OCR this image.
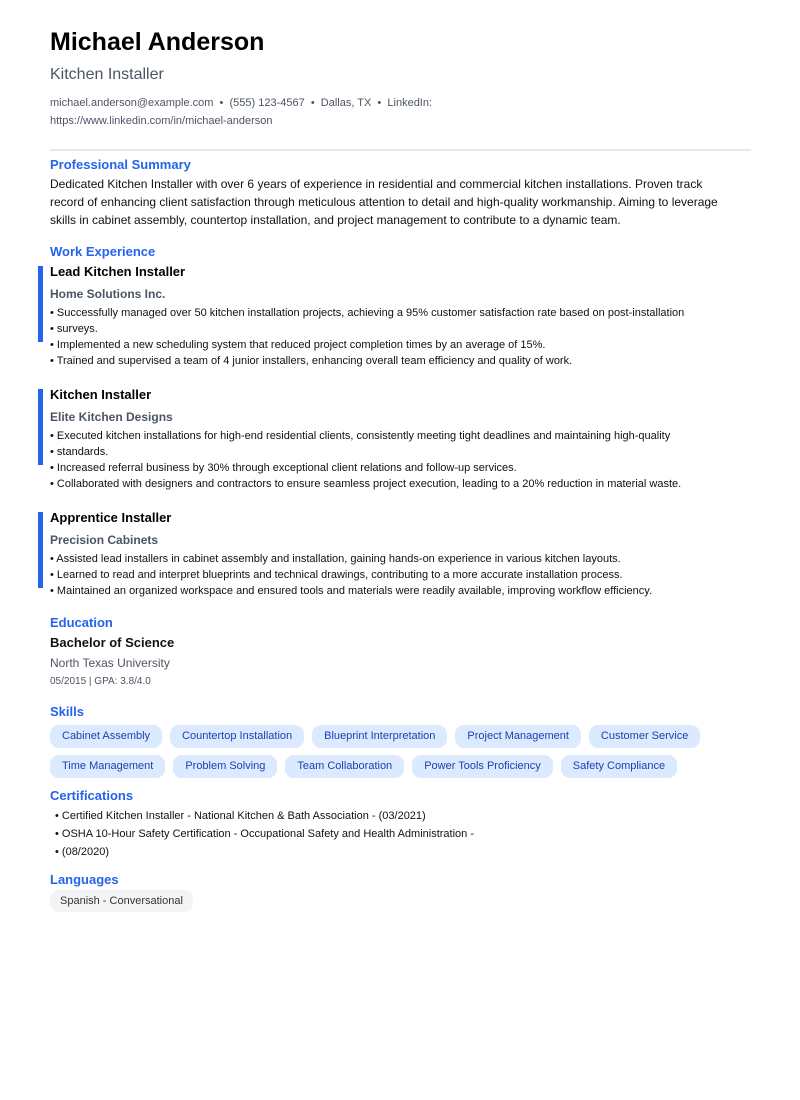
Michael Anderson
Kitchen Installer
michael.anderson@example.com  •  (555) 123-4567  •  Dallas, TX  •  LinkedIn:
https://www.linkedin.com/in/michael-anderson
Professional Summary

Dedicated Kitchen Installer with over 6 years of experience in residential and commercial kitchen installations. Proven track record of enhancing client satisfaction through meticulous attention to detail and high-quality workmanship. Aiming to leverage skills in cabinet assembly, countertop installation, and project management to contribute to a dynamic team.

Work Experience
Lead Kitchen Installer
Home Solutions Inc.
• Successfully managed over 50 kitchen installation projects, achieving a 95% customer satisfaction rate based on post-installation
• surveys.
• Implemented a new scheduling system that reduced project completion times by an average of 15%.
• Trained and supervised a team of 4 junior installers, enhancing overall team efficiency and quality of work.
Kitchen Installer
Elite Kitchen Designs
• Executed kitchen installations for high-end residential clients, consistently meeting tight deadlines and maintaining high-quality
• standards.
• Increased referral business by 30% through exceptional client relations and follow-up services.
• Collaborated with designers and contractors to ensure seamless project execution, leading to a 20% reduction in material waste.
Apprentice Installer
Precision Cabinets
• Assisted lead installers in cabinet assembly and installation, gaining hands-on experience in various kitchen layouts.
• Learned to read and interpret blueprints and technical drawings, contributing to a more accurate installation process.
• Maintained an organized workspace and ensured tools and materials were readily available, improving workflow efficiency.
Education
Bachelor of Science
North Texas University
05/2015 | GPA: 3.8/4.0
Skills
Cabinet Assembly	Countertop Installation	Blueprint Interpretation	Project Management	Customer Service
Time Management	Problem Solving	Team Collaboration	Power Tools Proficiency	Safety Compliance
Certifications
• Certified Kitchen Installer - National Kitchen & Bath Association - (03/2021)
• OSHA 10-Hour Safety Certification - Occupational Safety and Health Administration -
• (08/2020)
Languages
Spanish - Conversational
